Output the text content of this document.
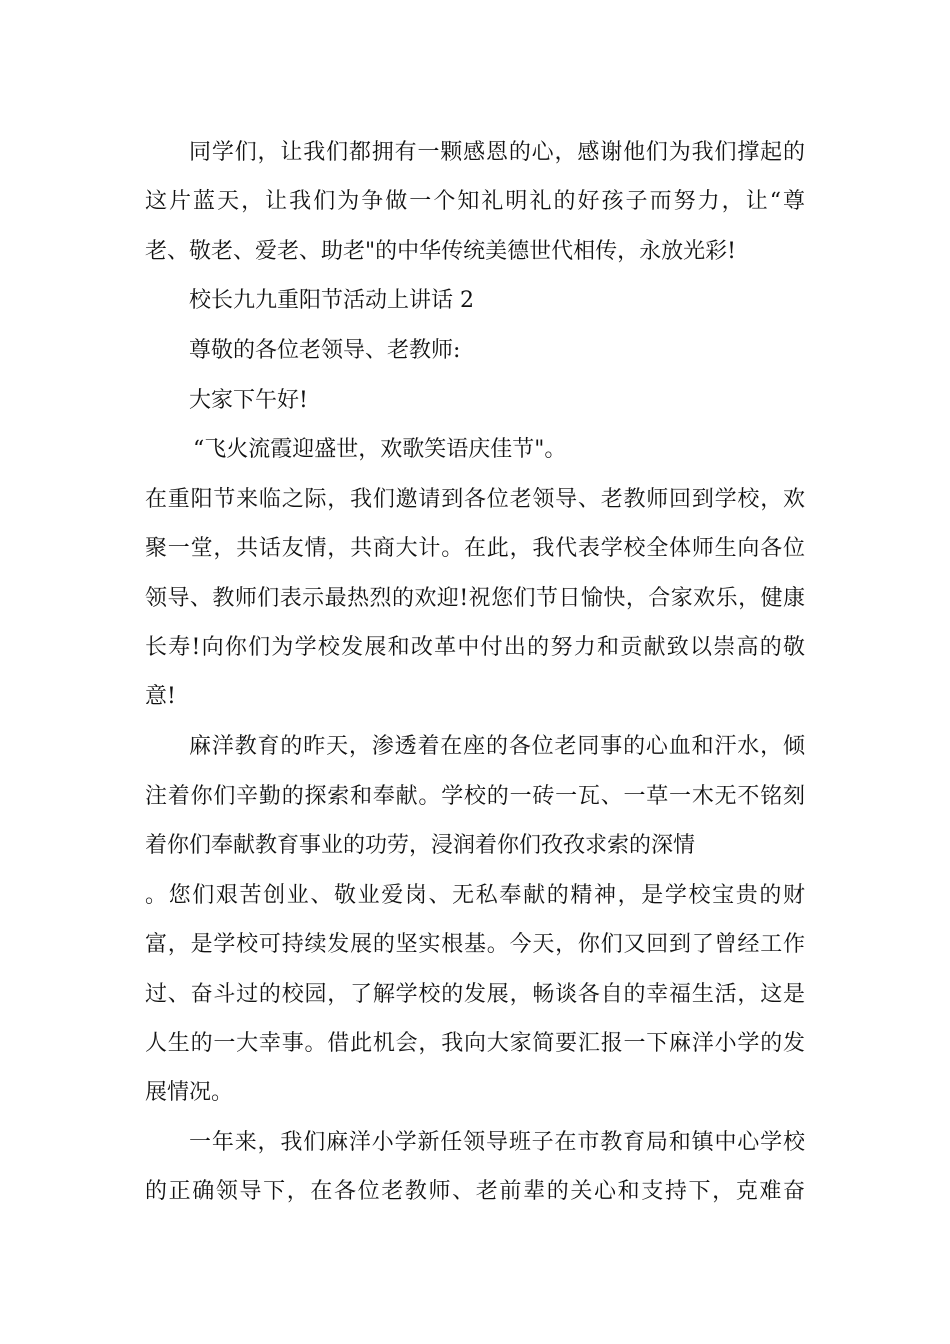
同学们，让我们都拥有一颗感恩的心，感谢他们为我们撑起的

这片蓝天，让我们为争做一个知礼明礼的好孩子而努力，让“尊

老、敬老、爱老、助老"的中华传统美德世代相传，永放光彩!

校长九九重阳节活动上讲话 2

尊敬的各位老领导、老教师:

大家下午好!

“飞火流霞迎盛世，欢歌笑语庆佳节"。

在重阳节来临之际，我们邀请到各位老领导、老教师回到学校，欢

聚一堂，共话友情，共商大计。在此，我代表学校全体师生向各位

领导、教师们表示最热烈的欢迎!祝您们节日愉快，合家欢乐，健康

长寿!向你们为学校发展和改革中付出的努力和贡献致以崇高的敬

意!

麻洋教育的昨天，渗透着在座的各位老同事的心血和汗水，倾

注着你们辛勤的探索和奉献。学校的一砖一瓦、一草一木无不铭刻

着你们奉献教育事业的功劳，浸润着你们孜孜求索的深情

。您们艰苦创业、敬业爱岗、无私奉献的精神，是学校宝贵的财

富，是学校可持续发展的坚实根基。今天，你们又回到了曾经工作

过、奋斗过的校园，了解学校的发展，畅谈各自的幸福生活，这是

人生的一大幸事。借此机会，我向大家简要汇报一下麻洋小学的发

展情况。

一年来，我们麻洋小学新任领导班子在市教育局和镇中心学校

的正确领导下，在各位老教师、老前辈的关心和支持下，克难奋
